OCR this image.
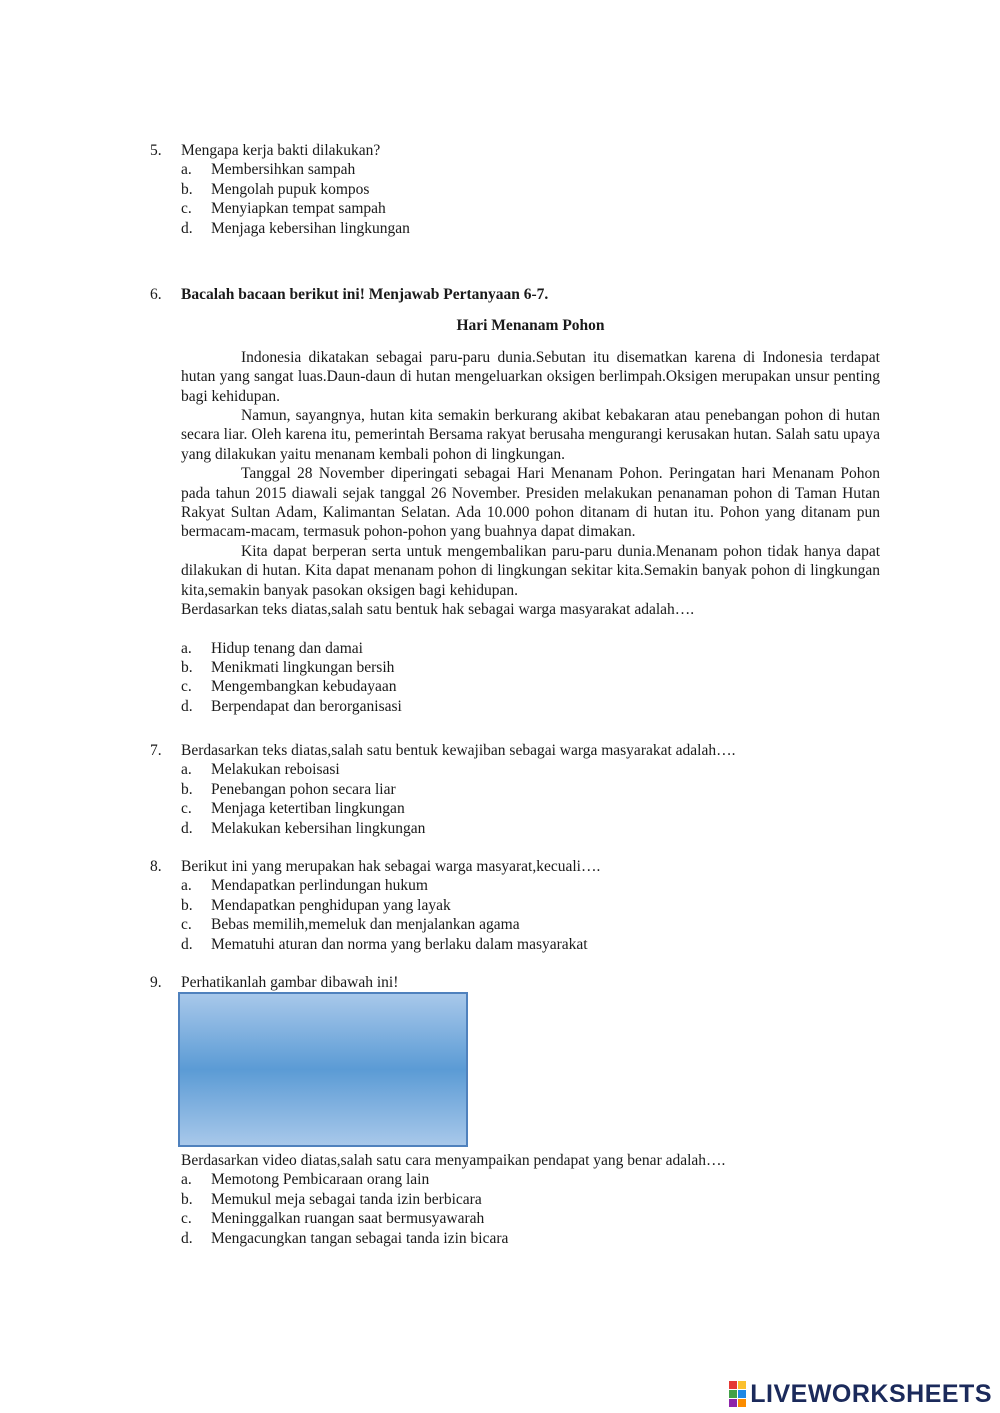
5.	Mengapa kerja bakti dilakukan?
a.	Membersihkan sampah
b.	Mengolah pupuk kompos
c.	Menyiapkan tempat sampah
d.	Menjaga kebersihan lingkungan
6.	Bacalah bacaan berikut ini! Menjawab Pertanyaan 6-7.
Hari Menanam Pohon

Indonesia dikatakan sebagai paru-paru dunia.Sebutan itu disematkan karena di Indonesia terdapat hutan yang sangat luas.Daun-daun di hutan mengeluarkan oksigen berlimpah.Oksigen merupakan unsur penting bagi kehidupan.

Namun, sayangnya, hutan kita semakin berkurang akibat kebakaran atau penebangan pohon di hutan secara liar. Oleh karena itu, pemerintah Bersama rakyat berusaha mengurangi kerusakan hutan. Salah satu upaya yang dilakukan yaitu menanam kembali pohon di lingkungan.

Tanggal 28 November diperingati sebagai Hari Menanam Pohon. Peringatan hari Menanam Pohon pada tahun 2015 diawali sejak tanggal 26 November. Presiden melakukan penanaman pohon di Taman Hutan Rakyat Sultan Adam, Kalimantan Selatan. Ada 10.000 pohon ditanam di hutan itu. Pohon yang ditanam pun bermacam-macam, termasuk pohon-pohon yang buahnya dapat dimakan.

Kita dapat berperan serta untuk mengembalikan paru-paru dunia.Menanam pohon tidak hanya dapat dilakukan di hutan. Kita dapat menanam pohon di lingkungan sekitar kita.Semakin banyak pohon di lingkungan kita,semakin banyak pasokan oksigen bagi kehidupan.

Berdasarkan teks diatas,salah satu bentuk hak sebagai warga masyarakat adalah….

a.	Hidup tenang dan damai
b.	Menikmati lingkungan bersih
c.	Mengembangkan kebudayaan
d.	Berpendapat dan berorganisasi
7.	Berdasarkan teks diatas,salah satu bentuk kewajiban sebagai warga masyarakat adalah….
a.	Melakukan reboisasi
b.	Penebangan pohon secara liar
c.	Menjaga ketertiban lingkungan
d.	Melakukan kebersihan lingkungan
8.	Berikut ini yang merupakan hak sebagai warga masyarat,kecuali….
a.	Mendapatkan perlindungan hukum
b.	Mendapatkan penghidupan yang layak
c.	Bebas memilih,memeluk dan menjalankan agama
d.	Mematuhi aturan dan norma yang berlaku dalam masyarakat
9.	Perhatikanlah gambar dibawah ini!
Berdasarkan video diatas,salah satu cara menyampaikan pendapat yang benar adalah….
a.	Memotong Pembicaraan orang lain
b.	Memukul meja sebagai tanda izin berbicara
c.	Meninggalkan ruangan saat bermusyawarah
d.	Mengacungkan tangan sebagai tanda izin bicara
LIVEWORKSHEETS
